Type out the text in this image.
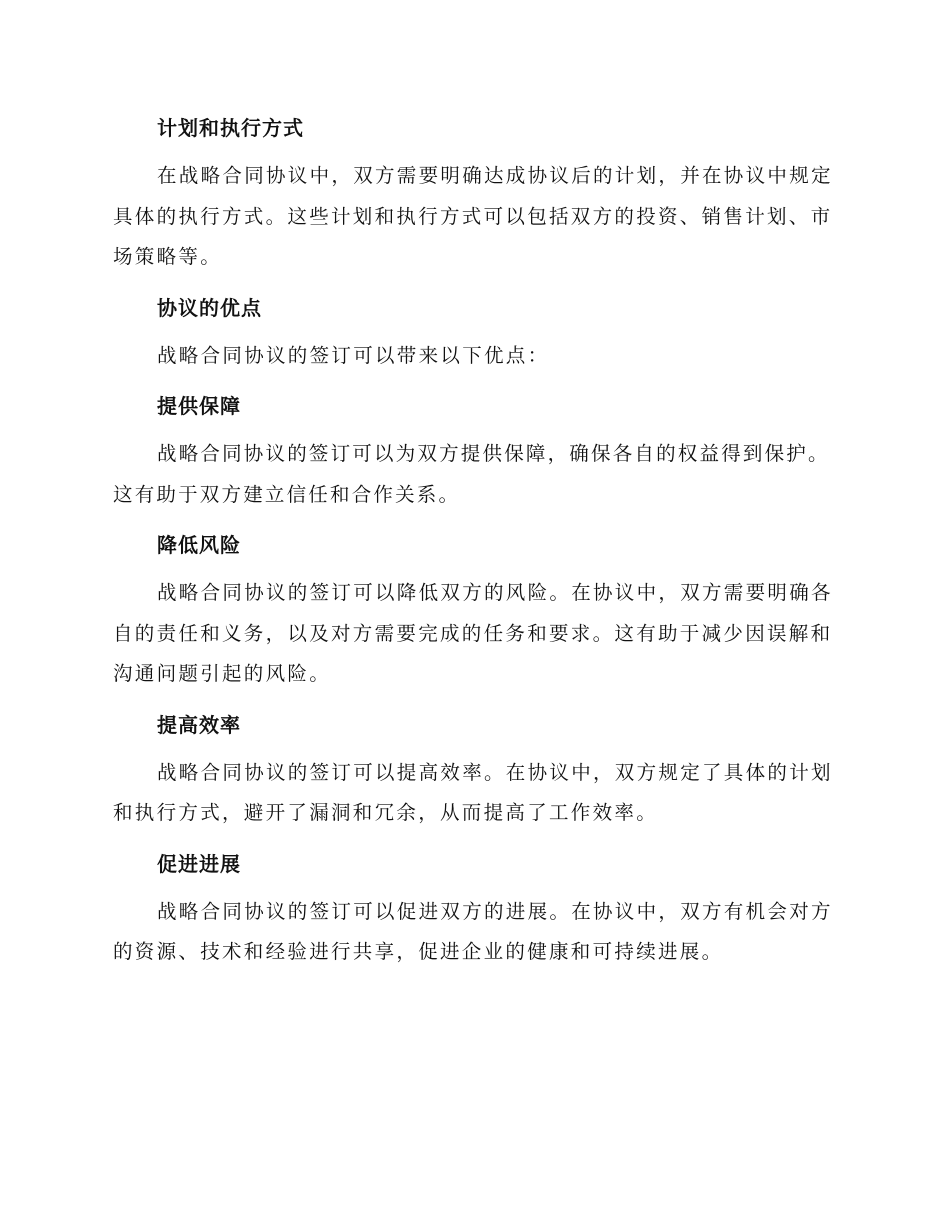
计划和执行方式
在战略合同协议中，双方需要明确达成协议后的计划，并在协议中规定具体的执行方式。这些计划和执行方式可以包括双方的投资、销售计划、市场策略等。
协议的优点
战略合同协议的签订可以带来以下优点：
提供保障
战略合同协议的签订可以为双方提供保障，确保各自的权益得到保护。这有助于双方建立信任和合作关系。
降低风险
战略合同协议的签订可以降低双方的风险。在协议中，双方需要明确各自的责任和义务，以及对方需要完成的任务和要求。这有助于减少因误解和沟通问题引起的风险。
提高效率
战略合同协议的签订可以提高效率。在协议中，双方规定了具体的计划和执行方式，避开了漏洞和冗余，从而提高了工作效率。
促进进展
战略合同协议的签订可以促进双方的进展。在协议中，双方有机会对方的资源、技术和经验进行共享，促进企业的健康和可持续进展。
